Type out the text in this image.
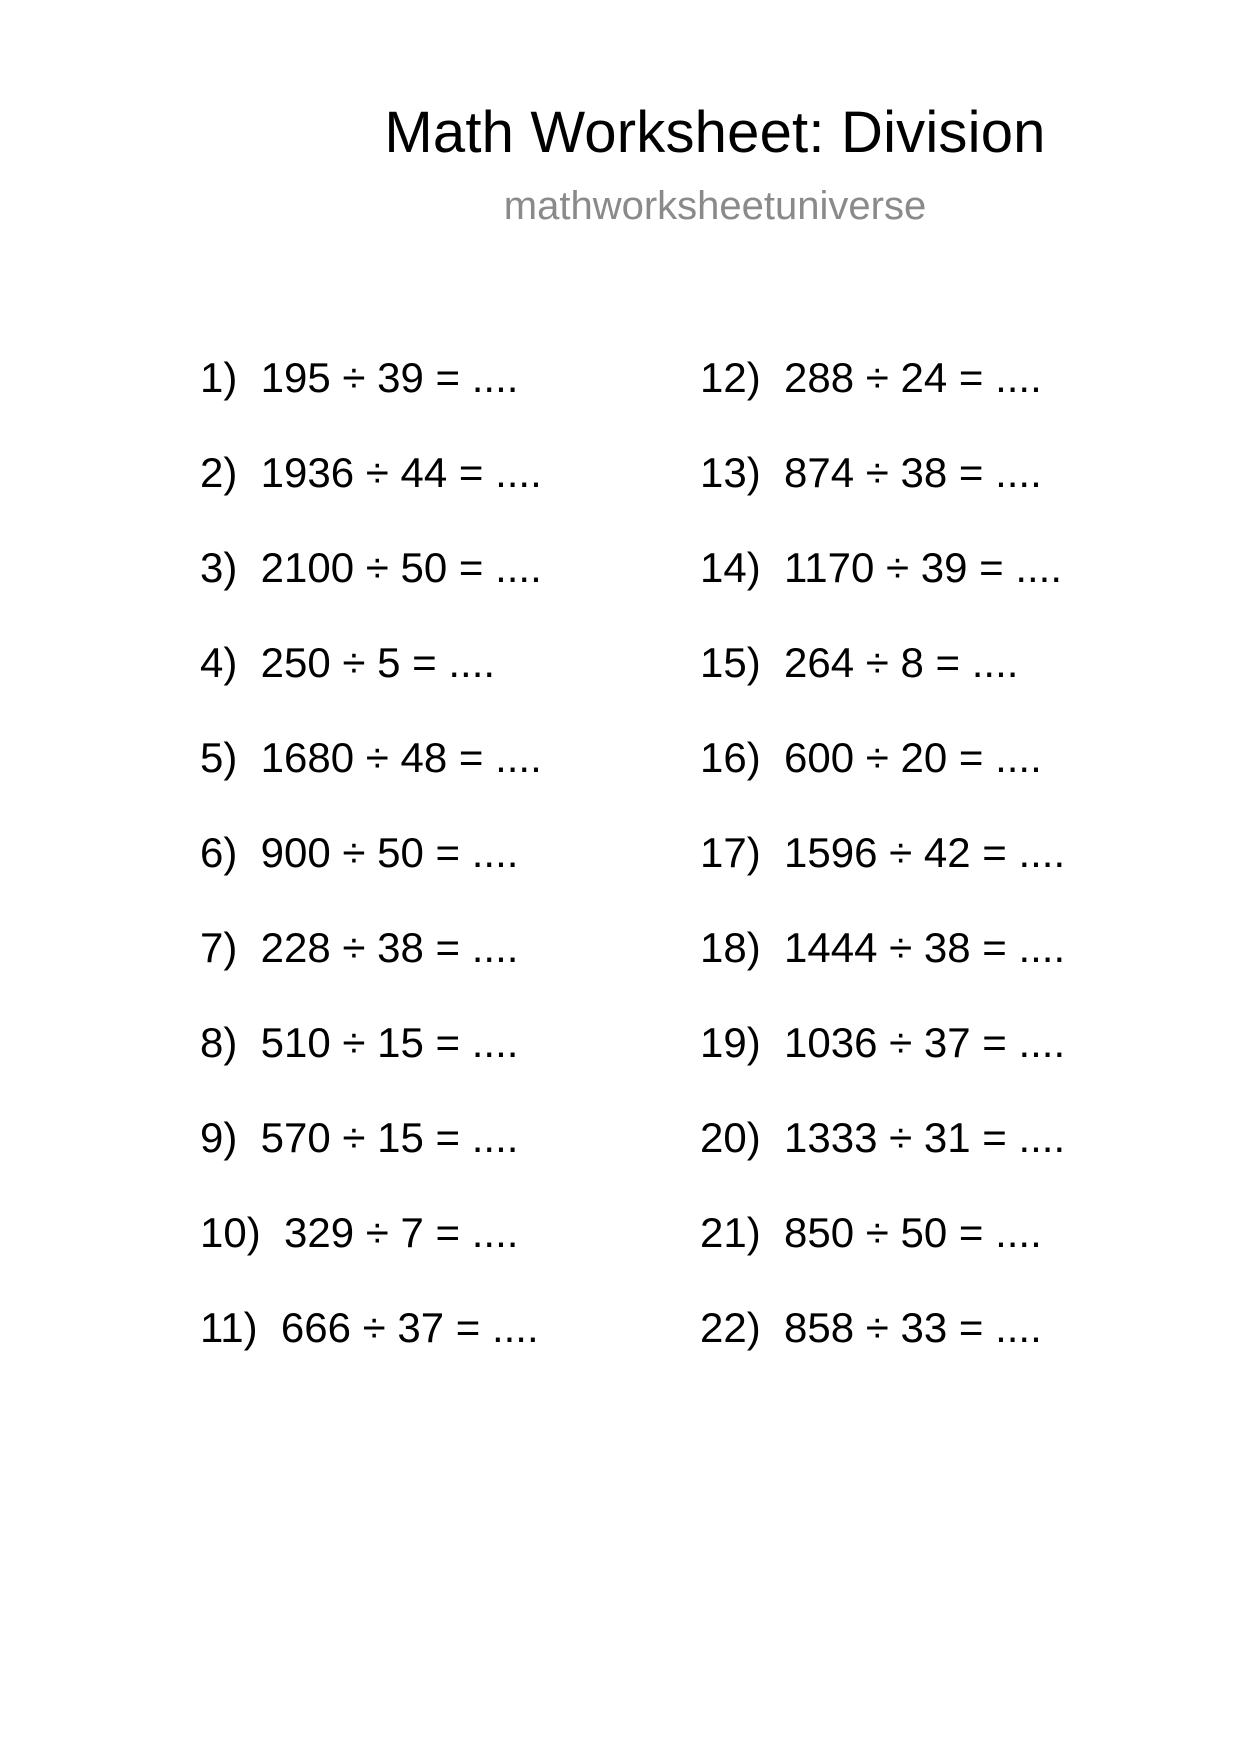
Math Worksheet: Division
mathworksheetuniverse
1)  195 ÷ 39 = ....
2)  1936 ÷ 44 = ....
3)  2100 ÷ 50 = ....
4)  250 ÷ 5 = ....
5)  1680 ÷ 48 = ....
6)  900 ÷ 50 = ....
7)  228 ÷ 38 = ....
8)  510 ÷ 15 = ....
9)  570 ÷ 15 = ....
10)  329 ÷ 7 = ....
11)  666 ÷ 37 = ....
12)  288 ÷ 24 = ....
13)  874 ÷ 38 = ....
14)  1170 ÷ 39 = ....
15)  264 ÷ 8 = ....
16)  600 ÷ 20 = ....
17)  1596 ÷ 42 = ....
18)  1444 ÷ 38 = ....
19)  1036 ÷ 37 = ....
20)  1333 ÷ 31 = ....
21)  850 ÷ 50 = ....
22)  858 ÷ 33 = ....
